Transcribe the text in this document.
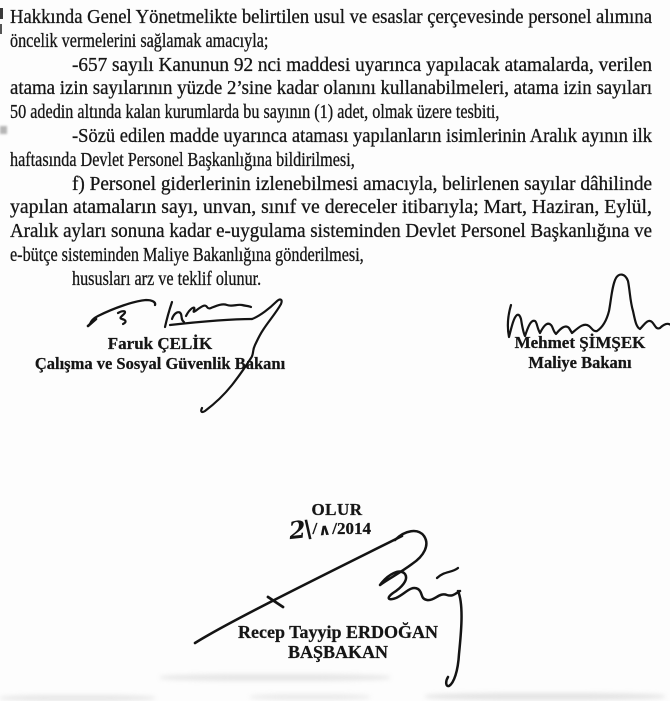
Hakkında Genel Yönetmelikte belirtilen usul ve esaslar çerçevesinde personel alımına
öncelik vermelerini sağlamak amacıyla;
-657 sayılı Kanunun 92 nci maddesi uyarınca yapılacak atamalarda, verilen
atama izin sayılarının yüzde 2’sine kadar olanını kullanabilmeleri, atama izin sayıları
50 adedin altında kalan kurumlarda bu sayının (1) adet, olmak üzere tesbiti,
-Sözü edilen madde uyarınca ataması yapılanların isimlerinin Aralık ayının ilk
haftasında Devlet Personel Başkanlığına bildirilmesi,
f) Personel giderlerinin izlenebilmesi amacıyla, belirlenen sayılar dâhilinde
yapılan atamaların sayı, unvan, sınıf ve dereceler itibarıyla; Mart, Haziran, Eylül,
Aralık ayları sonuna kadar e-uygulama sisteminden Devlet Personel Başkanlığına ve
e-bütçe sisteminden Maliye Bakanlığına gönderilmesi,
hususları arz ve teklif olunur.
Faruk ÇELİK
Çalışma ve Sosyal Güvenlik Bakanı
Mehmet ŞİMŞEK
Maliye Bakanı
OLUR
2\ / ∧ /2014
Recep Tayyip ERDOĞAN
BAŞBAKAN
